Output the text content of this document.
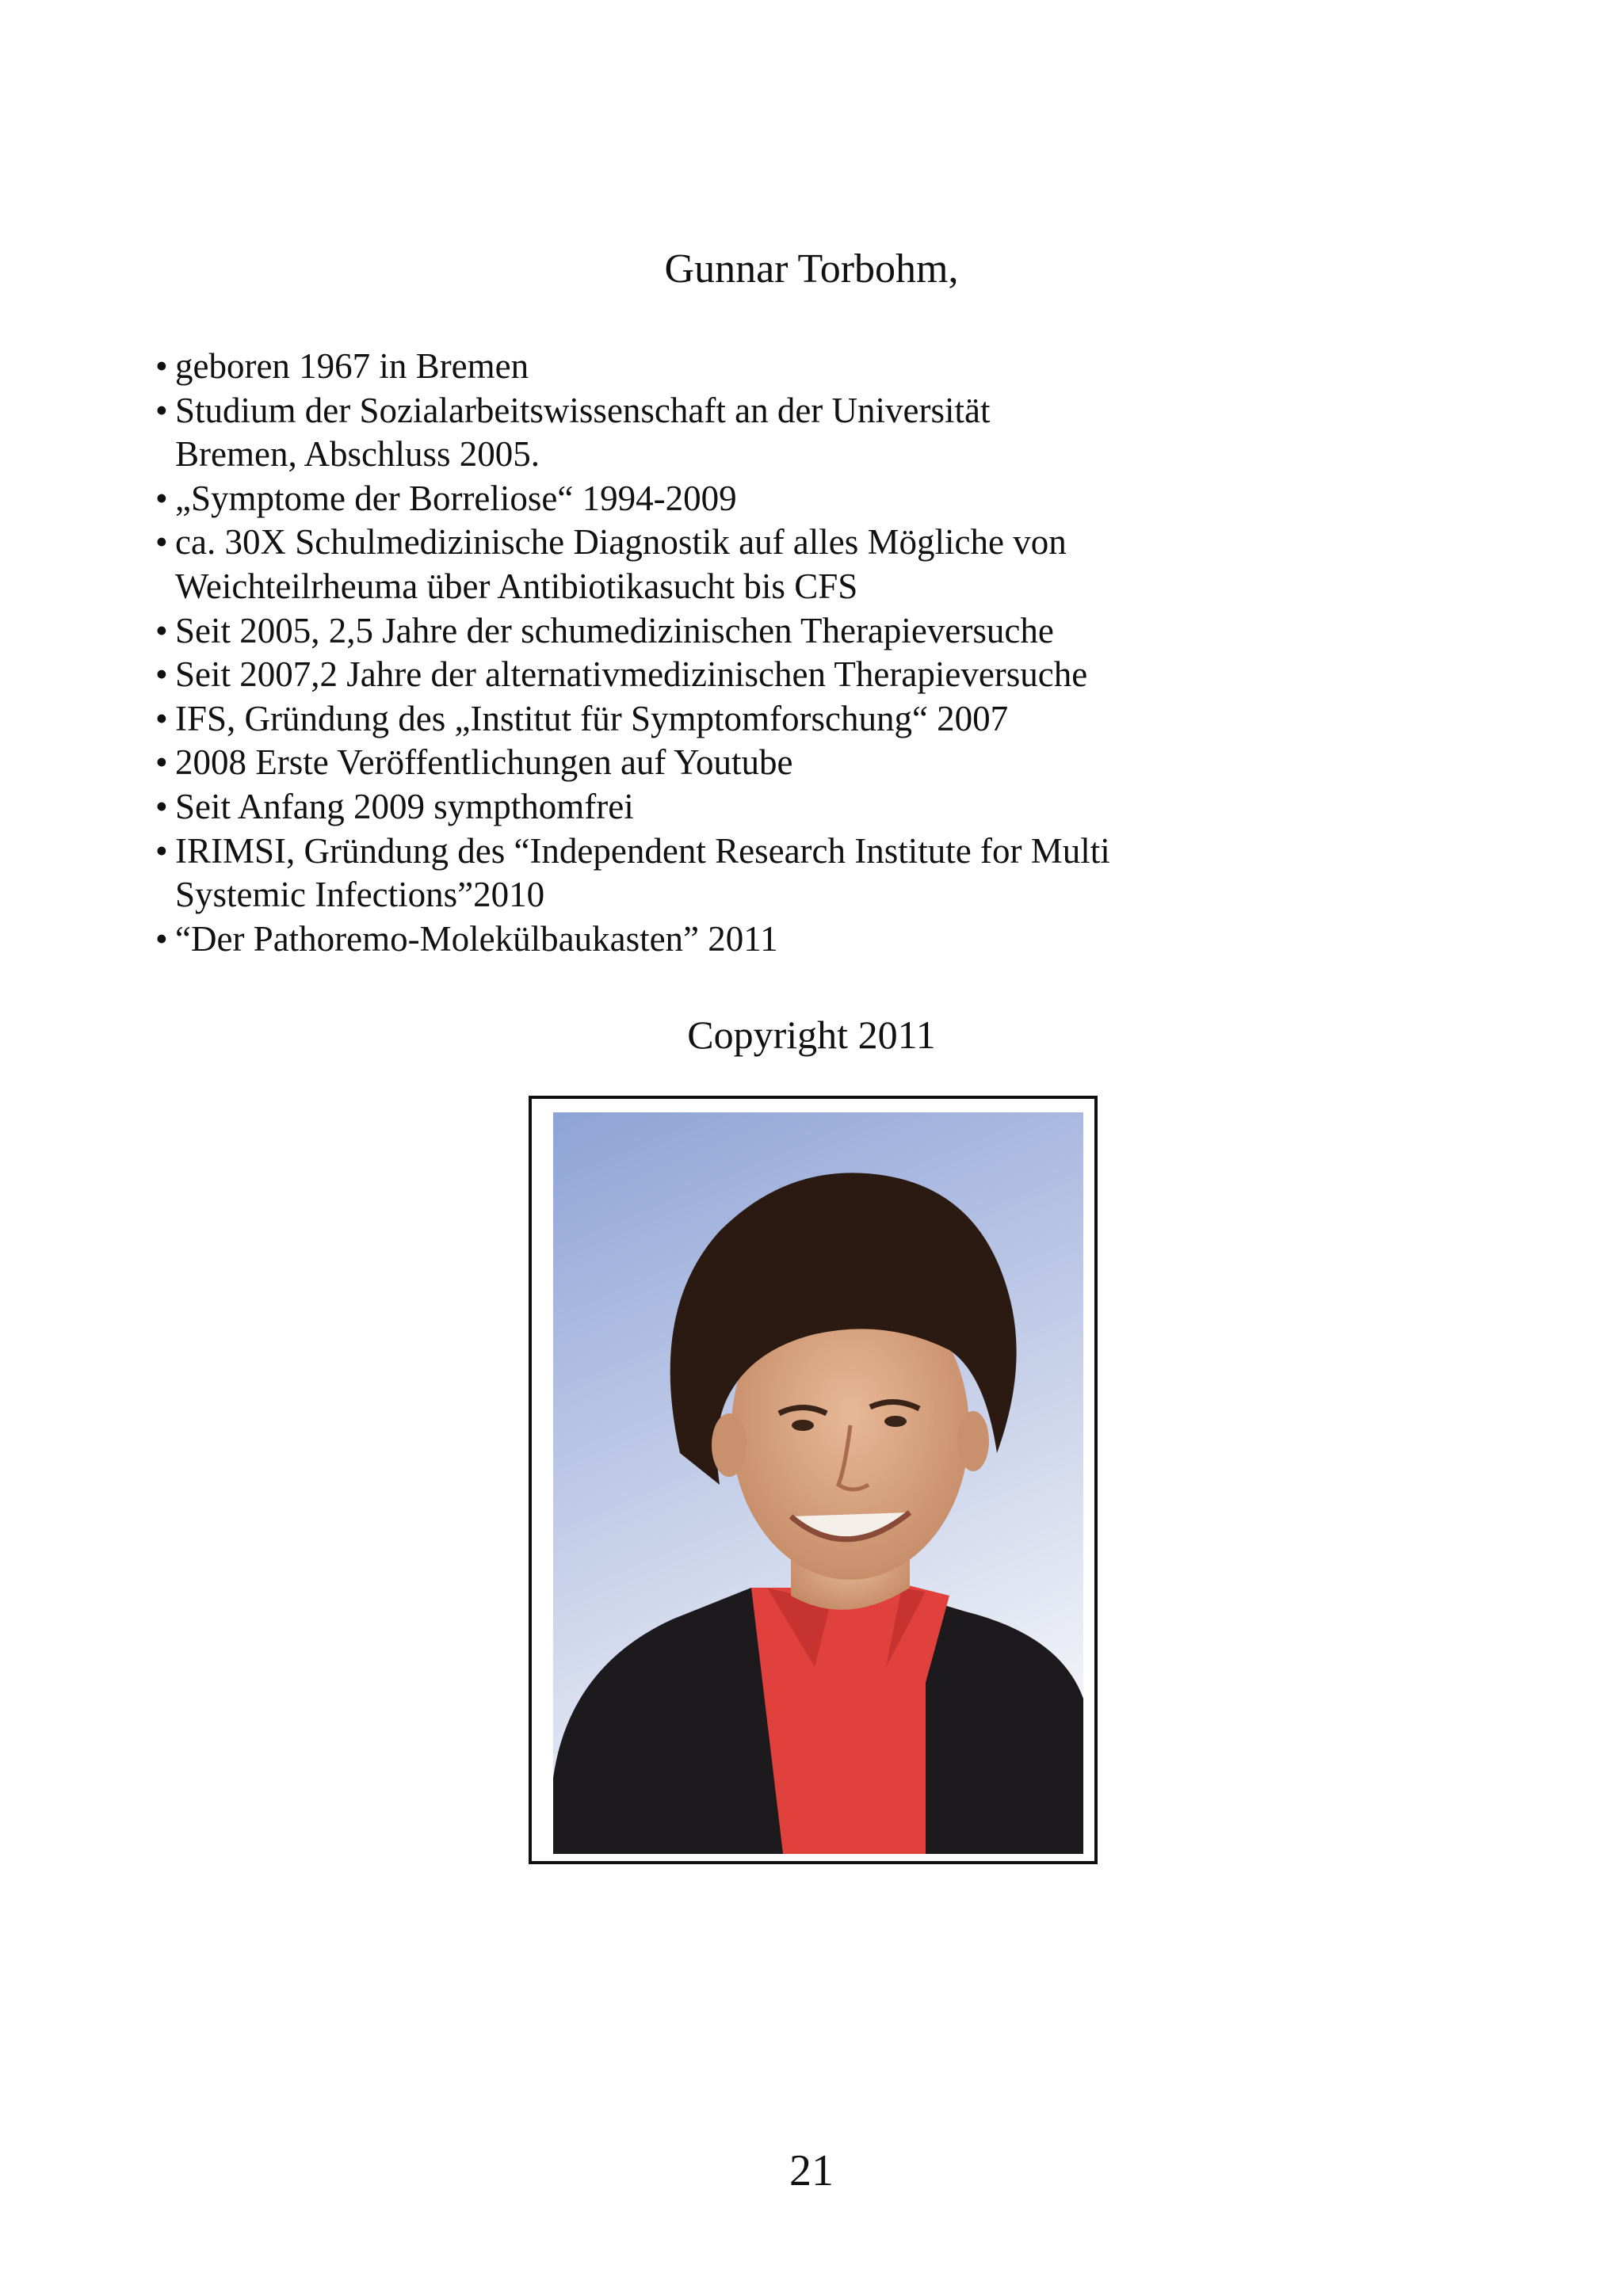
Gunnar Torbohm,
• geboren 1967 in Bremen
• Studium der Sozialarbeitswissenschaft an der Universität
Bremen, Abschluss 2005.
• „Symptome der Borreliose“ 1994-2009
• ca. 30X Schulmedizinische Diagnostik auf alles Mögliche von
Weichteilrheuma über Antibiotikasucht bis CFS
• Seit 2005, 2,5 Jahre der schumedizinischen Therapieversuche
• Seit 2007,2 Jahre der alternativmedizinischen Therapieversuche
• IFS, Gründung des „Institut für Symptomforschung“ 2007
• 2008 Erste Veröffentlichungen auf Youtube
• Seit Anfang 2009 sympthomfrei
• IRIMSI, Gründung des “Independent Research Institute for Multi
Systemic Infections”2010
• “Der Pathoremo-Molekülbaukasten” 2011

Copyright 2011

21
